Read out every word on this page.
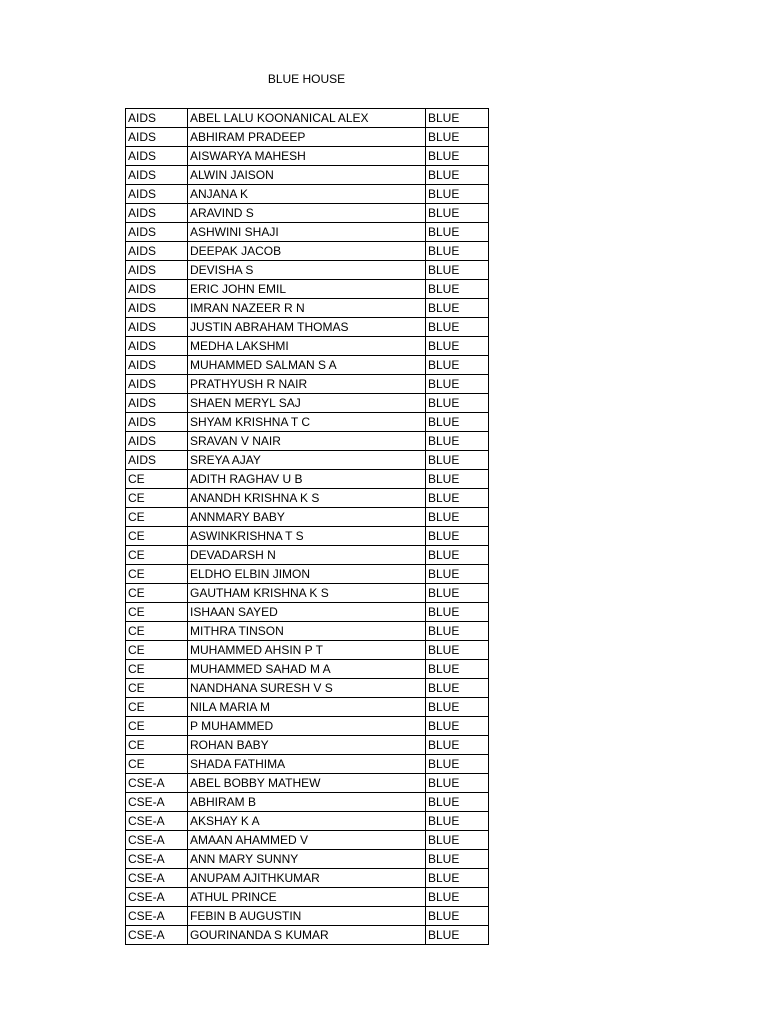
BLUE HOUSE
AIDS	ABEL LALU KOONANICAL ALEX	BLUE
AIDS	ABHIRAM PRADEEP	BLUE
AIDS	AISWARYA MAHESH	BLUE
AIDS	ALWIN JAISON	BLUE
AIDS	ANJANA K	BLUE
AIDS	ARAVIND S	BLUE
AIDS	ASHWINI SHAJI	BLUE
AIDS	DEEPAK JACOB	BLUE
AIDS	DEVISHA S	BLUE
AIDS	ERIC JOHN EMIL	BLUE
AIDS	IMRAN NAZEER R N	BLUE
AIDS	JUSTIN ABRAHAM THOMAS	BLUE
AIDS	MEDHA LAKSHMI	BLUE
AIDS	MUHAMMED SALMAN S A	BLUE
AIDS	PRATHYUSH R NAIR	BLUE
AIDS	SHAEN MERYL SAJ	BLUE
AIDS	SHYAM KRISHNA T C	BLUE
AIDS	SRAVAN V NAIR	BLUE
AIDS	SREYA AJAY	BLUE
CE	ADITH RAGHAV U B	BLUE
CE	ANANDH KRISHNA K S	BLUE
CE	ANNMARY BABY	BLUE
CE	ASWINKRISHNA T S	BLUE
CE	DEVADARSH N	BLUE
CE	ELDHO ELBIN JIMON	BLUE
CE	GAUTHAM KRISHNA K S	BLUE
CE	ISHAAN SAYED	BLUE
CE	MITHRA TINSON	BLUE
CE	MUHAMMED AHSIN P T	BLUE
CE	MUHAMMED SAHAD M A	BLUE
CE	NANDHANA SURESH V S	BLUE
CE	NILA MARIA M	BLUE
CE	P MUHAMMED	BLUE
CE	ROHAN BABY	BLUE
CE	SHADA FATHIMA	BLUE
CSE-A	ABEL BOBBY MATHEW	BLUE
CSE-A	ABHIRAM B	BLUE
CSE-A	AKSHAY K A	BLUE
CSE-A	AMAAN AHAMMED V	BLUE
CSE-A	ANN MARY SUNNY	BLUE
CSE-A	ANUPAM AJITHKUMAR	BLUE
CSE-A	ATHUL PRINCE	BLUE
CSE-A	FEBIN B AUGUSTIN	BLUE
CSE-A	GOURINANDA S KUMAR	BLUE
